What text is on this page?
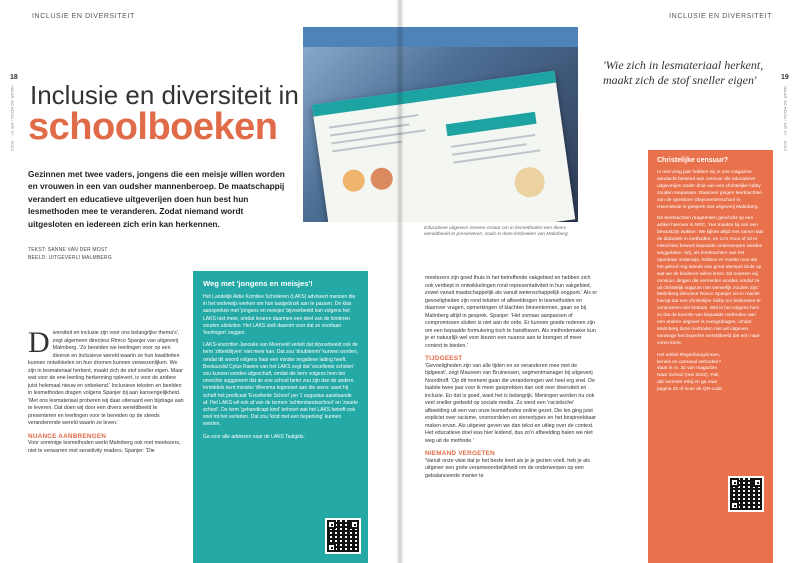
INCLUSIE EN DIVERSITEIT
18
NAAR SCHOOL! NR 37 · 2022 Inclusie en diversiteit in
schoolboeken

Gezinnen met twee vaders, jongens die een meisje willen worden en vrouwen in een van oudsher mannenberoep. De maatschappij verandert en educatieve uitgeverijen doen hun best hun lesmethoden mee te veranderen. Zodat niemand wordt uitgesloten en iedereen zich erin kan herkennen.

TEKST: SANNE VAN DER MOST
BEELD: UITGEVERIJ MALMBERG
D iversiteit en inclusie zijn voor ons belangrijke thema's', zegt algemeen directeur Rimco Spanjer van uitgeverij Malmberg. 'Zo bereiden we leerlingen voor op een diverse en inclusieve wereld waarin ze hun kwaliteiten kunnen ontwikkelen en hun dromen kunnen verwezenlijken. We zijn in lesmateriaal herkent, maakt zich de stof sneller eigen. Maar wat voor de ene leerling herkenning oplevert, is voor de andere juist helemaal nieuw en onbekend.' Inclusieve teksten en beelden in lesmethodes dragen volgens Spanjer bij aan kansengelijkheid. 'Met ons lesmateriaal proberen wij daar uiteraard een bijdrage aan te leveren. Dat doen wij door een divers wereldbeeld te presenteren en leerlingen voor te bereiden op de steeds veranderende wereld waarin ze leven.'
NUANCE AANBRENGEN
Voor sommige lesmethoden werkt Malmberg ook met meelezers, niet te verwarren met sensitivity readers. Spanjer: 'Die
Weg met 'jongens en meisjes'!

Het Landelijk Aktie Komitee Scholieren (LAKS) adviseert mensen die in het onderwijs werken om hun taalgebruik aan te passen. De klas aanspreken met 'jongens en meisjes' bijvoorbeeld kan volgens het LAKS niet meer, omdat leraren daarmee een deel van de kinderen zouden uitsluiten. Het LAKS stelt daarom voor dat ze voortaan 'leerlingen' zeggen.

LAKS-voorzitter Janouke van Meerveld vertelt dat bijvoorbeeld ook de term 'zittenblijven' niet meer kan. Dat zou 'doublerem' kunnen worden, omdat dit woord volgens haar een minder negatieve lading heeft. Bestuurslid Cylus Raweo van het LAKS zegt dat 'excellente scholen' zou kunnen worden afgeschaft, omdat die term volgens hem ten onrechte suggereert dat de ene school beter zou zijn dan de andere. Inmiddels kent minister Wiersma tegemoet aan die wens: want hij schaft het predicaat 'Excellente School' per 1 augustus aanstaande af. Het LAKS wil ook af van de termen 'achterstandsschool' en 'zwarte school'. De term 'gehandicapt kind' behoort wat het LAKS betreft ook snel tot het verleden. Dat zou 'kind met een beperking' kunnen worden.

Ga voor alle adviezen naar de LAKS Taalgids.

INCLUSIE EN DIVERSITEIT
19
NAAR SCHOOL! NR 37 · 2022
Educatieve uitgevers streven ernaar om in lesmethoden een divers wereldbeeld te presenteren, zoals in deze lesboeken van Malmberg.
meelezers zijn goed thuis in het betreffende vakgebied en hebben zich ook verdiept in ontwikkelingen rond representativiteit in hun vakgebied, zowel vanuit maatschappelijk als vanuit wetenschappelijk oogpunt.' Als er gevoeligheden zijn rond teksten of afbeeldingen in lesmethoden en daarover vragen, opmerkingen of klachten binnenkomen, gaan ze bij Malmberg altijd in gesprek. Spanjer: 'Het zomaar aanpassen of compromissen sluiten is niet aan de orde. Er kunnen goede redenen zijn om een bepaalde formulering toch te handhaven. Als methodemaker kun je er natuurlijk wel voor kiezen een nuance aan te brengen of meer context te bieden.'
TIJDGEEST
'Gevoeligheden zijn van alle tijden en ze veranderen mee met de tijdgeest', zegt Maureen van Bruinessen, segmentmanager bij uitgeverij Noordhoff. 'Op dit moment gaan die veranderingen wel heel erg snel. De laatste twee jaar voor ik meer gesprekken dan ooit over diversiteit en inclusie. En dat is goed, want het is belangrijk. Meningen worden nu ook veel sneller gedeeld op sociale media. Zo werd een 'racistische' afbeelding uit een van onze lesmethodes online gezet. Die les ging juist expliciet over racisme, vooroordelen en stereotypes en het bespreekbaar maken ervan. Als uitgever geven we dan tekst en uitleg over de context. Het educatieve doel was hier leidend, dus zo'n afbeelding halen we niet weg uit de methode.'
NIEMAND VERGETEN
'Vanuit onze visie dat je het beste leert als je je gezien voelt, heb je als uitgever een grote verantwoordelijkheid om de onderwerpen op een gebalanceerde manier te
'Wie zich in lesmateriaal herkent, maakt zich de stof sneller eigen'
Christelijke censuur?

In mei vorig jaar hebben wij in ons magazine aandacht besteed aan censuur die educatieve uitgeverijen onder druk van een christelijke lobby zouden toepassen. Daarover gingen leerkrachten van de openbare Olaynnestenschool in Heemstede in gesprek met uitgeverij Malmberg.

De leerkrachten reageerden geschokt op een artikel hierover in NRC. 'Het maakte bij ons een bewustzijn wakker. We kijken altijd met name naar de didactiek in methoden, en zo'n mooi of uit er misschien bewust bepaalde onderwerpen werden weggelaten. Wij, als leerkrachten van het openbaar onderwijs, hebben er moeite mee als het geloof nog steeds een groot stempel drukt op wat we de kinderen willen leren. Dit noemen wij censuur, dingen die vermeden worden omdat ze uit christelijk oogpunt niet wenselijk zouden zijn.' Malmberg-directeur Rimco Spanjer zei in reactie hierop dat een christelijke lobby om lesboeken te censureren niet bestaat. Wel is het volgens hem zo dat de koerste van bepaalde methoden aan een andere uitgever is overgedragen, omdat Malmberg deze methoden niet wil uitgeven vanwege het beperkte wereldbeeld dat erin naar voren komt.

Het artikel Regenboogzinnen, kennis en carnaval verboden? staat in nr. 32 van magazine Naar School (mei 2022). Pak dat nummer erbij en ga naar pagina 25 of scan de QR-code.
